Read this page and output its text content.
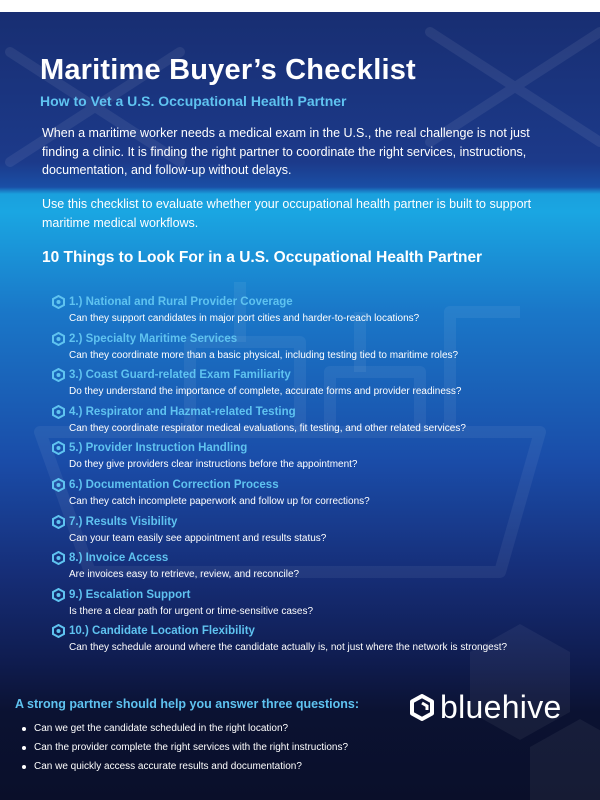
Maritime Buyer’s Checklist
How to Vet a U.S. Occupational Health Partner

When a maritime worker needs a medical exam in the U.S., the real challenge is not just finding a clinic. It is finding the right partner to coordinate the right services, instructions, documentation, and follow-up without delays.

Use this checklist to evaluate whether your occupational health partner is built to support maritime medical workflows.

10 Things to Look For in a U.S. Occupational Health Partner
1.) National and Rural Provider Coverage
Can they support candidates in major port cities and harder-to-reach locations?
2.) Specialty Maritime Services
Can they coordinate more than a basic physical, including testing tied to maritime roles?
3.) Coast Guard-related Exam Familiarity
Do they understand the importance of complete, accurate forms and provider readiness?
4.) Respirator and Hazmat-related Testing
Can they coordinate respirator medical evaluations, fit testing, and other related services?
5.) Provider Instruction Handling
Do they give providers clear instructions before the appointment?
6.) Documentation Correction Process
Can they catch incomplete paperwork and follow up for corrections?
7.) Results Visibility
Can your team easily see appointment and results status?
8.) Invoice Access
Are invoices easy to retrieve, review, and reconcile?
9.) Escalation Support
Is there a clear path for urgent or time-sensitive cases?
10.) Candidate Location Flexibility
Can they schedule around where the candidate actually is, not just where the network is strongest?
A strong partner should help you answer three questions:
Can we get the candidate scheduled in the right location?
Can the provider complete the right services with the right instructions?
Can we quickly access accurate results and documentation?
bluehive
